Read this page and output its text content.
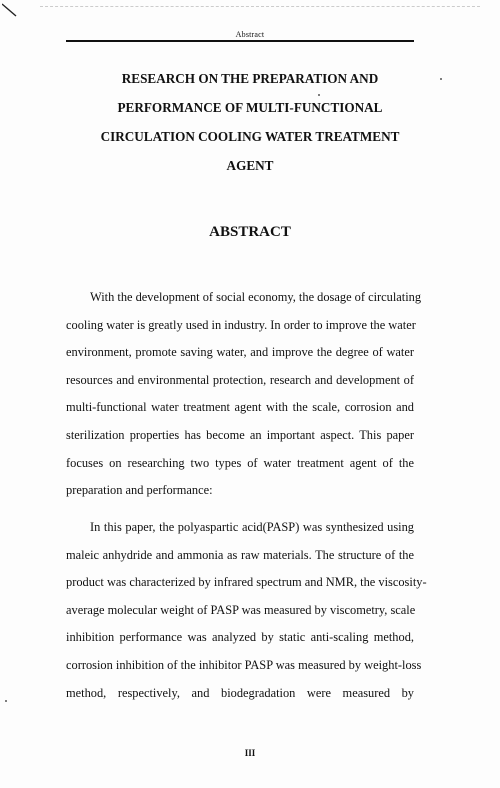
Abstract
RESEARCH ON THE PREPARATION AND
PERFORMANCE OF MULTI-FUNCTIONAL
CIRCULATION COOLING WATER TREATMENT
AGENT
ABSTRACT
With the development of social economy, the dosage of circulating
cooling water is greatly used in industry. In order to improve the water
environment, promote saving water, and improve the degree of water
resources and environmental protection, research and development of
multi-functional water treatment agent with the scale, corrosion and
sterilization properties has become an important aspect. This paper
focuses on researching two types of water treatment agent of the
preparation and performance:
In this paper, the polyaspartic acid(PASP) was synthesized using
maleic anhydride and ammonia as raw materials. The structure of the
product was characterized by infrared spectrum and NMR, the viscosity-
average molecular weight of PASP was measured by viscometry, scale
inhibition performance was analyzed by static anti-scaling method,
corrosion inhibition of the inhibitor PASP was measured by weight-loss
method, respectively, and biodegradation were measured by
III
